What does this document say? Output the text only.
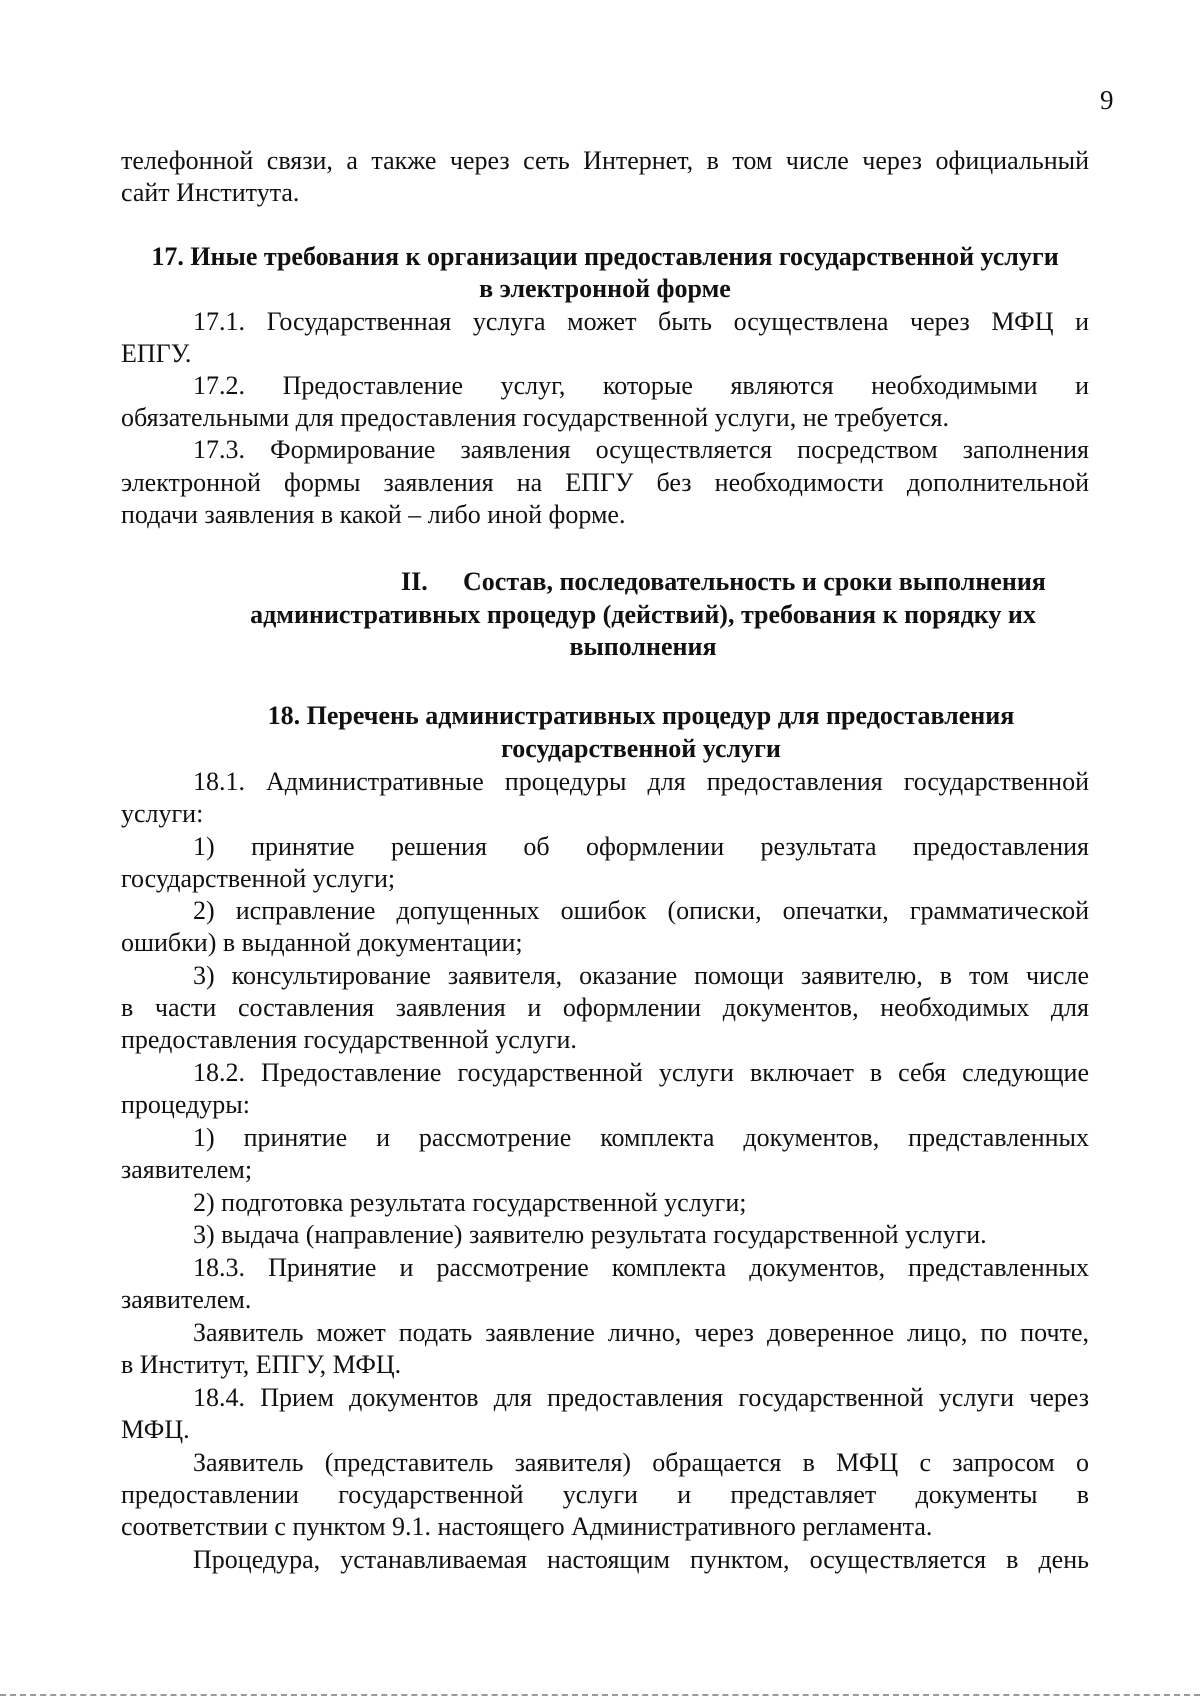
9
телефонной связи, а также через сеть Интернет, в том числе через официальный
сайт Института.
17. Иные требования к организации предоставления государственной услуги
в электронной форме
17.1. Государственная услуга может быть осуществлена через МФЦ и
ЕПГУ.
17.2. Предоставление услуг, которые являются необходимыми и
обязательными для предоставления государственной услуги, не требуется.
17.3. Формирование заявления осуществляется посредством заполнения
электронной формы заявления на ЕПГУ без необходимости дополнительной
подачи заявления в какой – либо иной форме.
II. Состав, последовательность и сроки выполнения
административных процедур (действий), требования к порядку их
выполнения
18. Перечень административных процедур для предоставления
государственной услуги
18.1. Административные процедуры для предоставления государственной
услуги:
1) принятие решения об оформлении результата предоставления
государственной услуги;
2) исправление допущенных ошибок (описки, опечатки, грамматической
ошибки) в выданной документации;
3) консультирование заявителя, оказание помощи заявителю, в том числе
в части составления заявления и оформлении документов, необходимых для
предоставления государственной услуги.
18.2. Предоставление государственной услуги включает в себя следующие
процедуры:
1) принятие и рассмотрение комплекта документов, представленных
заявителем;
2) подготовка результата государственной услуги;
3) выдача (направление) заявителю результата государственной услуги.
18.3. Принятие и рассмотрение комплекта документов, представленных
заявителем.
Заявитель может подать заявление лично, через доверенное лицо, по почте,
в Институт, ЕПГУ, МФЦ.
18.4. Прием документов для предоставления государственной услуги через
МФЦ.
Заявитель (представитель заявителя) обращается в МФЦ с запросом о
предоставлении государственной услуги и представляет документы в
соответствии с пунктом 9.1. настоящего Административного регламента.
Процедура, устанавливаемая настоящим пунктом, осуществляется в день
